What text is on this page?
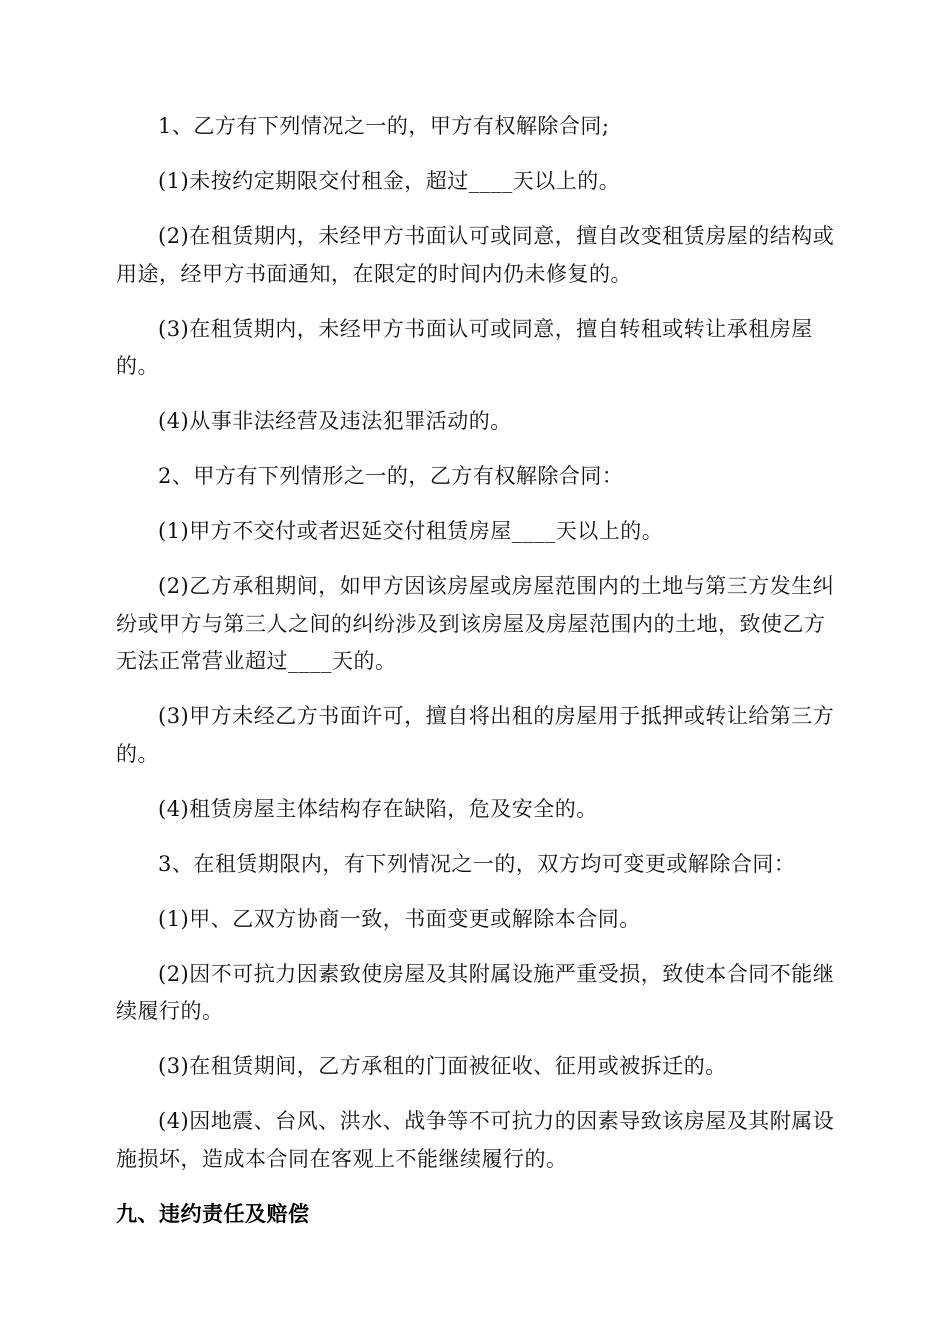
1、乙方有下列情况之一的，甲方有权解除合同;

(1)未按约定期限交付租金，超过____天以上的。

(2)在租赁期内，未经甲方书面认可或同意，擅自改变租赁房屋的结构或用途，经甲方书面通知，在限定的时间内仍未修复的。

(3)在租赁期内，未经甲方书面认可或同意，擅自转租或转让承租房屋的。

(4)从事非法经营及违法犯罪活动的。

2、甲方有下列情形之一的，乙方有权解除合同：

(1)甲方不交付或者迟延交付租赁房屋____天以上的。

(2)乙方承租期间，如甲方因该房屋或房屋范围内的土地与第三方发生纠纷或甲方与第三人之间的纠纷涉及到该房屋及房屋范围内的土地，致使乙方无法正常营业超过____天的。

(3)甲方未经乙方书面许可，擅自将出租的房屋用于抵押或转让给第三方的。

(4)租赁房屋主体结构存在缺陷，危及安全的。

3、在租赁期限内，有下列情况之一的，双方均可变更或解除合同：

(1)甲、乙双方协商一致，书面变更或解除本合同。

(2)因不可抗力因素致使房屋及其附属设施严重受损，致使本合同不能继续履行的。

(3)在租赁期间，乙方承租的门面被征收、征用或被拆迁的。

(4)因地震、台风、洪水、战争等不可抗力的因素导致该房屋及其附属设施损坏，造成本合同在客观上不能继续履行的。

九、违约责任及赔偿
